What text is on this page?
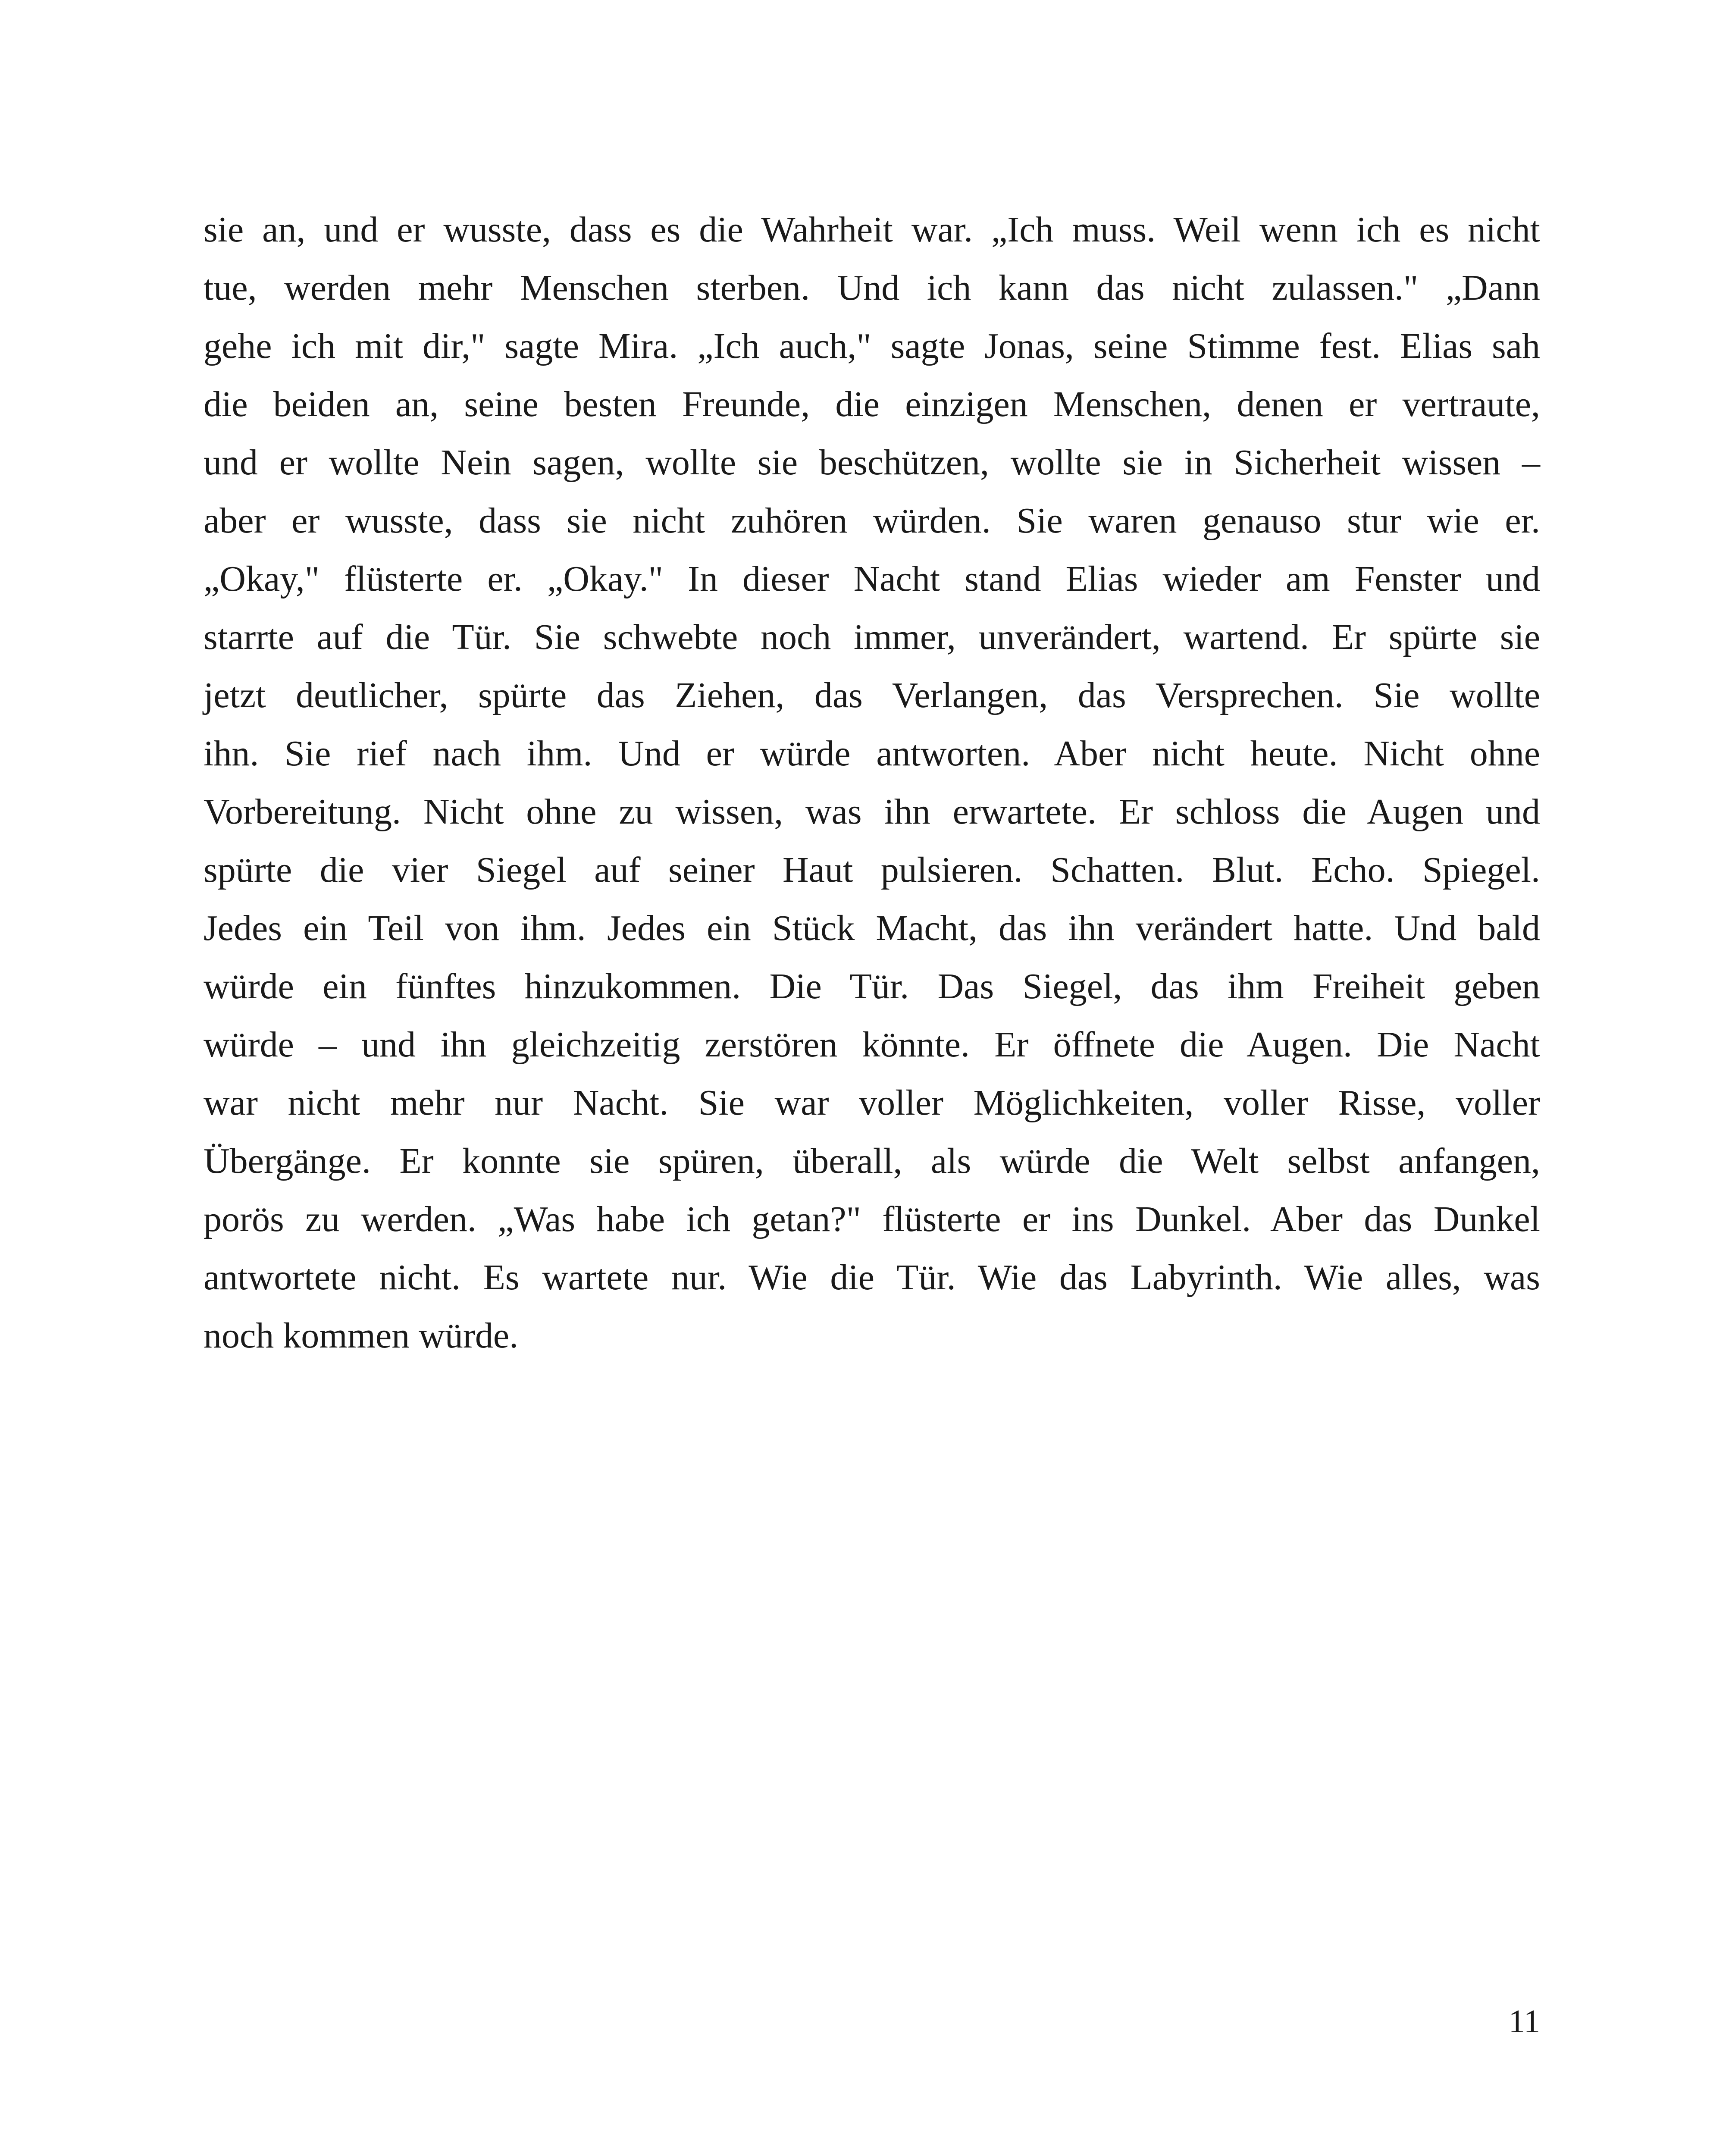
sie an, und er wusste, dass es die Wahrheit war. „Ich muss. Weil wenn ich es nicht
tue, werden mehr Menschen sterben. Und ich kann das nicht zulassen." „Dann
gehe ich mit dir," sagte Mira. „Ich auch," sagte Jonas, seine Stimme fest. Elias sah
die beiden an, seine besten Freunde, die einzigen Menschen, denen er vertraute,
und er wollte Nein sagen, wollte sie beschützen, wollte sie in Sicherheit wissen –
aber er wusste, dass sie nicht zuhören würden. Sie waren genauso stur wie er.
„Okay," flüsterte er. „Okay." In dieser Nacht stand Elias wieder am Fenster und
starrte auf die Tür. Sie schwebte noch immer, unverändert, wartend. Er spürte sie
jetzt deutlicher, spürte das Ziehen, das Verlangen, das Versprechen. Sie wollte
ihn. Sie rief nach ihm. Und er würde antworten. Aber nicht heute. Nicht ohne
Vorbereitung. Nicht ohne zu wissen, was ihn erwartete. Er schloss die Augen und
spürte die vier Siegel auf seiner Haut pulsieren. Schatten. Blut. Echo. Spiegel.
Jedes ein Teil von ihm. Jedes ein Stück Macht, das ihn verändert hatte. Und bald
würde ein fünftes hinzukommen. Die Tür. Das Siegel, das ihm Freiheit geben
würde – und ihn gleichzeitig zerstören könnte. Er öffnete die Augen. Die Nacht
war nicht mehr nur Nacht. Sie war voller Möglichkeiten, voller Risse, voller
Übergänge. Er konnte sie spüren, überall, als würde die Welt selbst anfangen,
porös zu werden. „Was habe ich getan?" flüsterte er ins Dunkel. Aber das Dunkel
antwortete nicht. Es wartete nur. Wie die Tür. Wie das Labyrinth. Wie alles, was
noch kommen würde.
11
